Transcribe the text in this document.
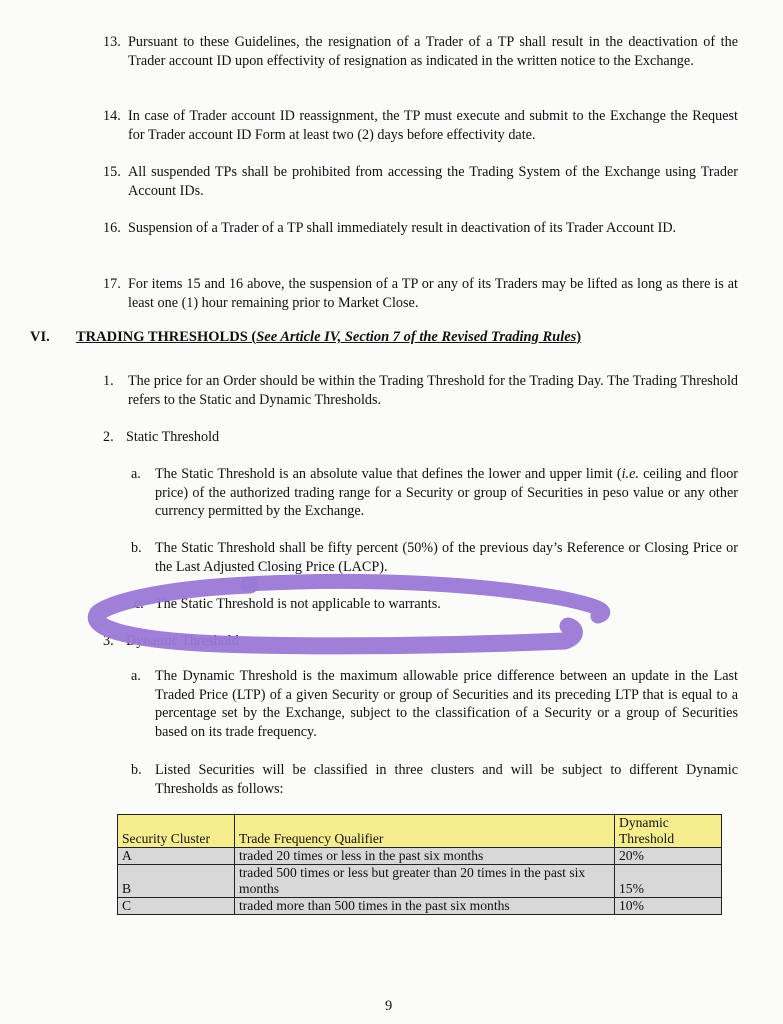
13. Pursuant to these Guidelines, the resignation of a Trader of a TP shall result in the deactivation of the Trader account ID upon effectivity of resignation as indicated in the written notice to the Exchange.

14. In case of Trader account ID reassignment, the TP must execute and submit to the Exchange the Request for Trader account ID Form at least two (2) days before effectivity date.

15. All suspended TPs shall be prohibited from accessing the Trading System of the Exchange using Trader Account IDs.

16. Suspension of a Trader of a TP shall immediately result in deactivation of its Trader Account ID.

17. For items 15 and 16 above, the suspension of a TP or any of its Traders may be lifted as long as there is at least one (1) hour remaining prior to Market Close.

VI. TRADING THRESHOLDS (See Article IV, Section 7 of the Revised Trading Rules)
1. The price for an Order should be within the Trading Threshold for the Trading Day. The Trading Threshold refers to the Static and Dynamic Thresholds.

2. Static Threshold
a. The Static Threshold is an absolute value that defines the lower and upper limit (i.e. ceiling and floor price) of the authorized trading range for a Security or group of Securities in peso value or any other currency permitted by the Exchange.

b. The Static Threshold shall be fifty percent (50%) of the previous day’s Reference or Closing Price or the Last Adjusted Closing Price (LACP).

c. The Static Threshold is not applicable to warrants.
3. Dynamic Threshold
a. The Dynamic Threshold is the maximum allowable price difference between an update in the Last Traded Price (LTP) of a given Security or group of Securities and its preceding LTP that is equal to a percentage set by the Exchange, subject to the classification of a Security or a group of Securities based on its trade frequency.

b. Listed Securities will be classified in three clusters and will be subject to different Dynamic Thresholds as follows:

Security Cluster	Trade Frequency Qualifier	Dynamic Threshold
A	traded 20 times or less in the past six months	20%
B	traded 500 times or less but greater than 20 times in the past six months	15%
C	traded more than 500 times in the past six months	10%
9
